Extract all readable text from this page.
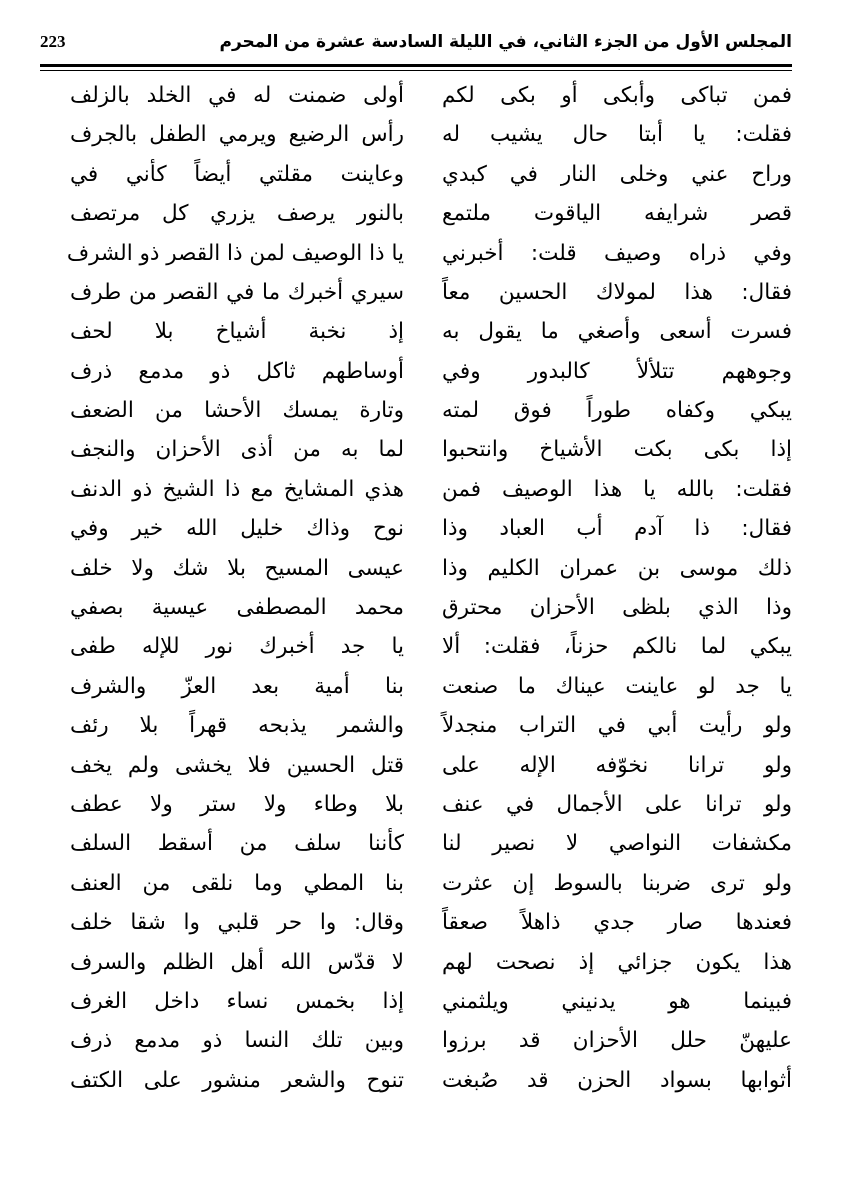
223	المجلس الأول من الجزء الثاني، في الليلة السادسة عشرة من المحرم
فمن تباكى وأبكى أو بكى لكم
أولى ضمنت له في الخلد بالزلف
فقلت: يا أبتا حال يشيب له
رأس الرضيع ويرمي الطفل بالجرف
وراح عني وخلى النار في كبدي
وعاينت مقلتي أيضاً كأني في
قصر شرايفه الياقوت ملتمع
بالنور يرصف يزري كل مرتصف
وفي ذراه وصيف قلت: أخبرني
يا ذا الوصيف لمن ذا القصر ذو الشرف
فقال: هذا لمولاك الحسين معاً
سيري أخبرك ما في القصر من طرف
فسرت أسعى وأصغي ما يقول به
إذ نخبة أشياخ بلا لحف
وجوههم تتلألأ كالبدور وفي
أوساطهم ثاكل ذو مدمع ذرف
يبكي وكفاه طوراً فوق لمته
وتارة يمسك الأحشا من الضعف
إذا بكى بكت الأشياخ وانتحبوا
لما به من أذى الأحزان والنجف
فقلت: بالله يا هذا الوصيف فمن
هذي المشايخ مع ذا الشيخ ذو الدنف
فقال: ذا آدم أب العباد وذا
نوح وذاك خليل الله خير وفي
ذلك موسى بن عمران الكليم وذا
عيسى المسيح بلا شك ولا خلف
وذا الذي بلظى الأحزان محترق
محمد المصطفى عيسية بصفي
يبكي لما نالكم حزناً، فقلت: ألا
يا جد أخبرك نور للإله طفى
يا جد لو عاينت عيناك ما صنعت
بنا أمية بعد العزّ والشرف
ولو رأيت أبي في التراب منجدلاً
والشمر يذبحه قهراً بلا رئف
ولو ترانا نخوّفه الإله على
قتل الحسين فلا يخشى ولم يخف
ولو ترانا على الأجمال في عنف
بلا وطاء ولا ستر ولا عطف
مكشفات النواصي لا نصير لنا
كأننا سلف من أسقط السلف
ولو ترى ضربنا بالسوط إن عثرت
بنا المطي وما نلقى من العنف
فعندها صار جدي ذاهلاً صعقاً
وقال: وا حر قلبي وا شقا خلف
هذا يكون جزائي إذ نصحت لهم
لا قدّس الله أهل الظلم والسرف
فبينما هو يدنيني ويلثمني
إذا بخمس نساء داخل الغرف
عليهنّ حلل الأحزان قد برزوا
وبين تلك النسا ذو مدمع ذرف
أثوابها بسواد الحزن قد صُبغت
تنوح والشعر منشور على الكتف
